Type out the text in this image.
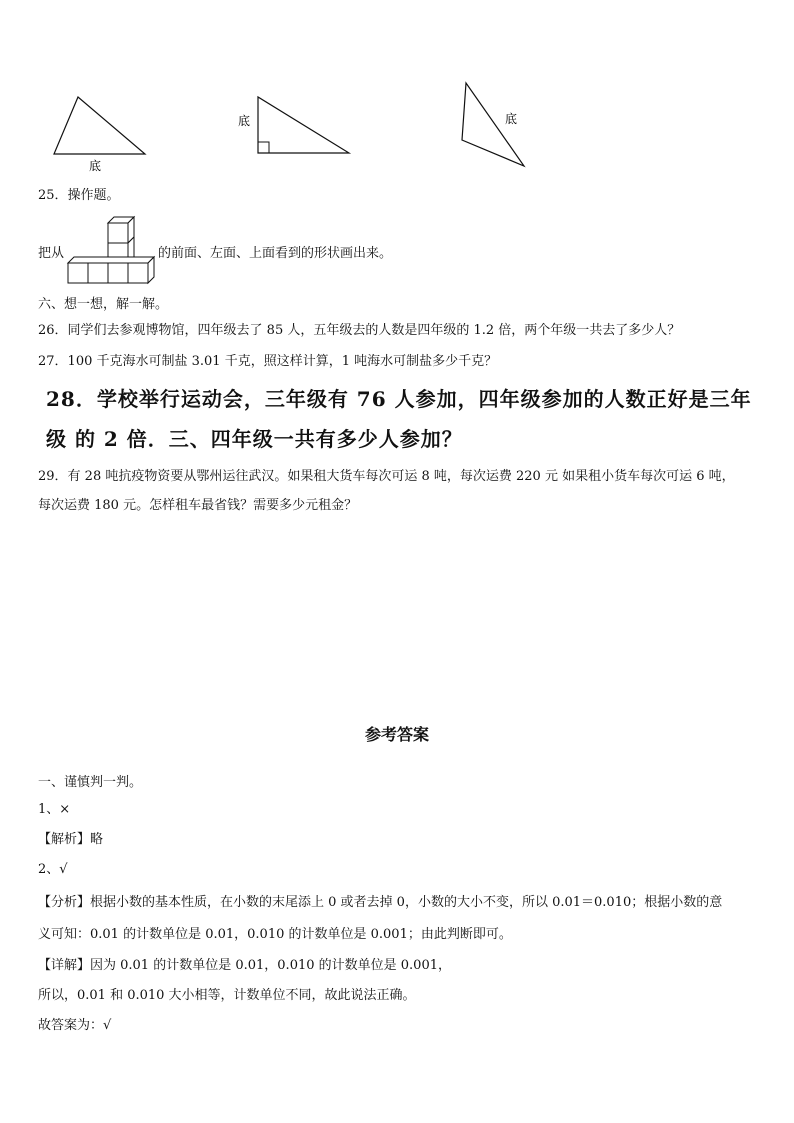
底
底	底
25．操作题。
把从	的前面、左面、上面看到的形状画出来。
六、想一想，解一解。
26．同学们去参观博物馆，四年级去了 85 人，五年级去的人数是四年级的 1.2 倍，两个年级一共去了多少人？
27．100 千克海水可制盐 3.01 千克，照这样计算，1 吨海水可制盐多少千克？
28．学校举行运动会，三年级有 76 人参加，四年级参加的人数正好是三年
级 的 2 倍．三、四年级一共有多少人参加？
29．有 28 吨抗疫物资要从鄂州运往武汉。如果租大货车每次可运 8 吨，每次运费 220 元 如果租小货车每次可运 6 吨，
每次运费 180 元。怎样租车最省钱？需要多少元租金？
参考答案
一、谨慎判一判。
1、×
【解析】略
2、√
【分析】根据小数的基本性质，在小数的末尾添上 0 或者去掉 0，小数的大小不变，所以 0.01＝0.010；根据小数的意
义可知：0.01 的计数单位是 0.01，0.010 的计数单位是 0.001；由此判断即可。
【详解】因为 0.01 的计数单位是 0.01，0.010 的计数单位是 0.001，
所以，0.01 和 0.010 大小相等，计数单位不同，故此说法正确。
故答案为：√
